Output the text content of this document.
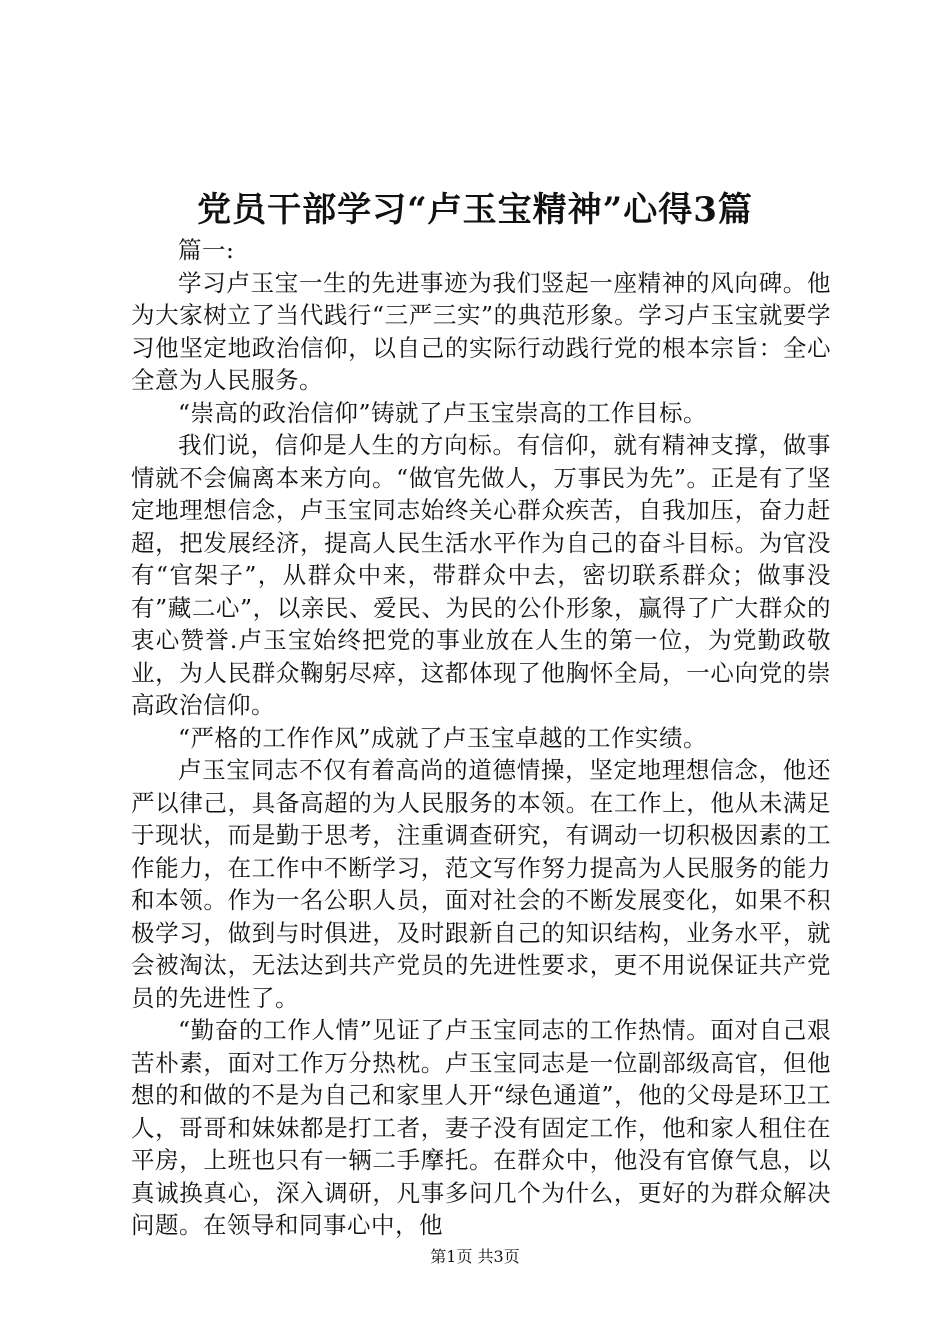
党员干部学习“卢玉宝精神”心得3篇

篇一:

学习卢玉宝一生的先进事迹为我们竖起一座精神的风向碑。他为大家树立了当代践行“三严三实”的典范形象。学习卢玉宝就要学习他坚定地政治信仰，以自己的实际行动践行党的根本宗旨：全心全意为人民服务。

“崇高的政治信仰”铸就了卢玉宝崇高的工作目标。

我们说，信仰是人生的方向标。有信仰，就有精神支撑，做事情就不会偏离本来方向。“做官先做人，万事民为先”。正是有了坚定地理想信念，卢玉宝同志始终关心群众疾苦，自我加压，奋力赶超，把发展经济，提高人民生活水平作为自己的奋斗目标。为官没有“官架子”，从群众中来，带群众中去，密切联系群众；做事没有”藏二心”，以亲民、爱民、为民的公仆形象，赢得了广大群众的衷心赞誉.卢玉宝始终把党的事业放在人生的第一位，为党勤政敬业，为人民群众鞠躬尽瘁，这都体现了他胸怀全局，一心向党的崇高政治信仰。

“严格的工作作风”成就了卢玉宝卓越的工作实绩。

卢玉宝同志不仅有着高尚的道德情操，坚定地理想信念，他还严以律己，具备高超的为人民服务的本领。在工作上，他从未满足于现状，而是勤于思考，注重调查研究，有调动一切积极因素的工作能力，在工作中不断学习，范文写作努力提高为人民服务的能力和本领。作为一名公职人员，面对社会的不断发展变化，如果不积极学习，做到与时俱进，及时跟新自己的知识结构，业务水平，就会被淘汰，无法达到共产党员的先进性要求，更不用说保证共产党员的先进性了。

“勤奋的工作人情”见证了卢玉宝同志的工作热情。面对自己艰苦朴素，面对工作万分热枕。卢玉宝同志是一位副部级高官，但他想的和做的不是为自己和家里人开“绿色通道”，他的父母是环卫工人，哥哥和妹妹都是打工者，妻子没有固定工作，他和家人租住在平房，上班也只有一辆二手摩托。在群众中，他没有官僚气息，以真诚换真心，深入调研，凡事多问几个为什么，更好的为群众解决问题。在领导和同事心中，他

第1页 共3页
